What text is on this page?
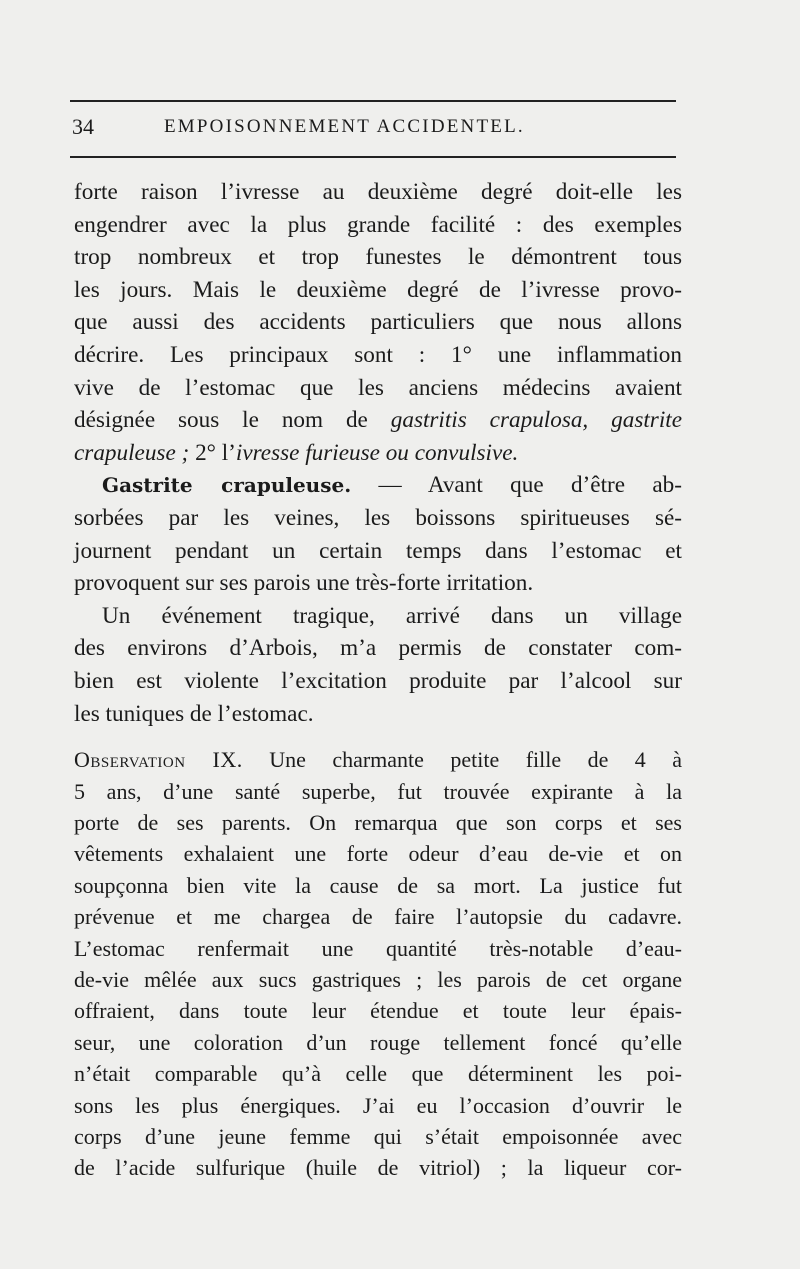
34	EMPOISONNEMENT ACCIDENTEL.

forte raison l’ivresse au deuxième degré doit-elle les
engendrer avec la plus grande facilité : des exemples
trop nombreux et trop funestes le démontrent tous
les jours. Mais le deuxième degré de l’ivresse provo-
que aussi des accidents particuliers que nous allons
décrire. Les principaux sont : 1° une inflammation
vive de l’estomac que les anciens médecins avaient
désignée sous le nom de gastritis crapulosa, gastrite
crapuleuse ; 2° l’ivresse furieuse ou convulsive.

Gastrite crapuleuse. — Avant que d’être ab-
sorbées par les veines, les boissons spiritueuses sé-
journent pendant un certain temps dans l’estomac et
provoquent sur ses parois une très-forte irritation.

Un événement tragique, arrivé dans un village
des environs d’Arbois, m’a permis de constater com-
bien est violente l’excitation produite par l’alcool sur
les tuniques de l’estomac.

Observation IX. Une charmante petite fille de 4 à
5 ans, d’une santé superbe, fut trouvée expirante à la
porte de ses parents. On remarqua que son corps et ses
vêtements exhalaient une forte odeur d’eau de-vie et on
soupçonna bien vite la cause de sa mort. La justice fut
prévenue et me chargea de faire l’autopsie du cadavre.
L’estomac renfermait une quantité très-notable d’eau-
de-vie mêlée aux sucs gastriques ; les parois de cet organe
offraient, dans toute leur étendue et toute leur épais-
seur, une coloration d’un rouge tellement foncé qu’elle
n’était comparable qu’à celle que déterminent les poi-
sons les plus énergiques. J’ai eu l’occasion d’ouvrir le
corps d’une jeune femme qui s’était empoisonnée avec
de l’acide sulfurique (huile de vitriol) ; la liqueur cor-
